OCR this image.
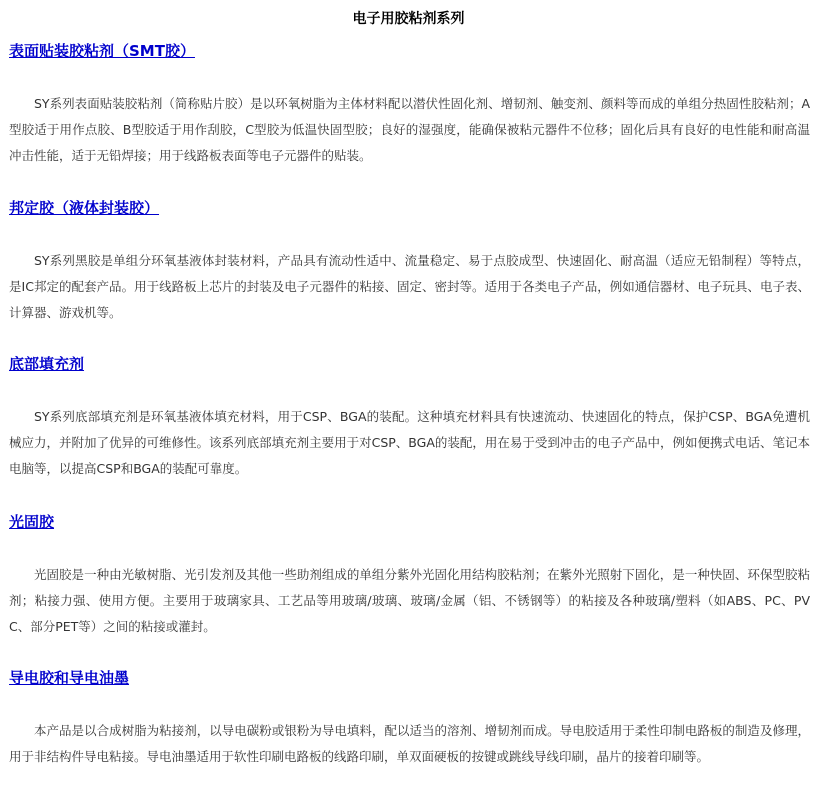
电子用胶粘剂系列
表面贴装胶粘剂（SMT胶）
SY系列表面贴装胶粘剂（简称贴片胶）是以环氧树脂为主体材料配以潜伏性固化剂、增韧剂、触变剂、颜料等而成的单组分热固性胶粘剂；A型胶适于用作点胶、B型胶适于用作刮胶，C型胶为低温快固型胶；良好的湿强度，能确保被粘元器件不位移；固化后具有良好的电性能和耐高温冲击性能，适于无铅焊接；用于线路板表面等电子元器件的贴装。
邦定胶（液体封装胶）
SY系列黑胶是单组分环氧基液体封装材料，产品具有流动性适中、流量稳定、易于点胶成型、快速固化、耐高温（适应无铅制程）等特点，是IC邦定的配套产品。用于线路板上芯片的封装及电子元器件的粘接、固定、密封等。适用于各类电子产品，例如通信器材、电子玩具、电子表、计算器、游戏机等。
底部填充剂
SY系列底部填充剂是环氧基液体填充材料，用于CSP、BGA的装配。这种填充材料具有快速流动、快速固化的特点，保护CSP、BGA免遭机械应力，并附加了优异的可维修性。该系列底部填充剂主要用于对CSP、BGA的装配，用在易于受到冲击的电子产品中，例如便携式电话、笔记本电脑等，以提高CSP和BGA的装配可靠度。
光固胶
光固胶是一种由光敏树脂、光引发剂及其他一些助剂组成的单组分紫外光固化用结构胶粘剂；在紫外光照射下固化，是一种快固、环保型胶粘剂；粘接力强、使用方便。主要用于玻璃家具、工艺品等用玻璃/玻璃、玻璃/金属（铝、不锈钢等）的粘接及各种玻璃/塑料（如ABS、PC、PVC、部分PET等）之间的粘接或灌封。
导电胶和导电油墨
本产品是以合成树脂为粘接剂，以导电碳粉或银粉为导电填料，配以适当的溶剂、增韧剂而成。导电胶适用于柔性印制电路板的制造及修理，用于非结构件导电粘接。导电油墨适用于软性印刷电路板的线路印刷，单双面硬板的按键或跳线导线印刷，晶片的接着印刷等。
